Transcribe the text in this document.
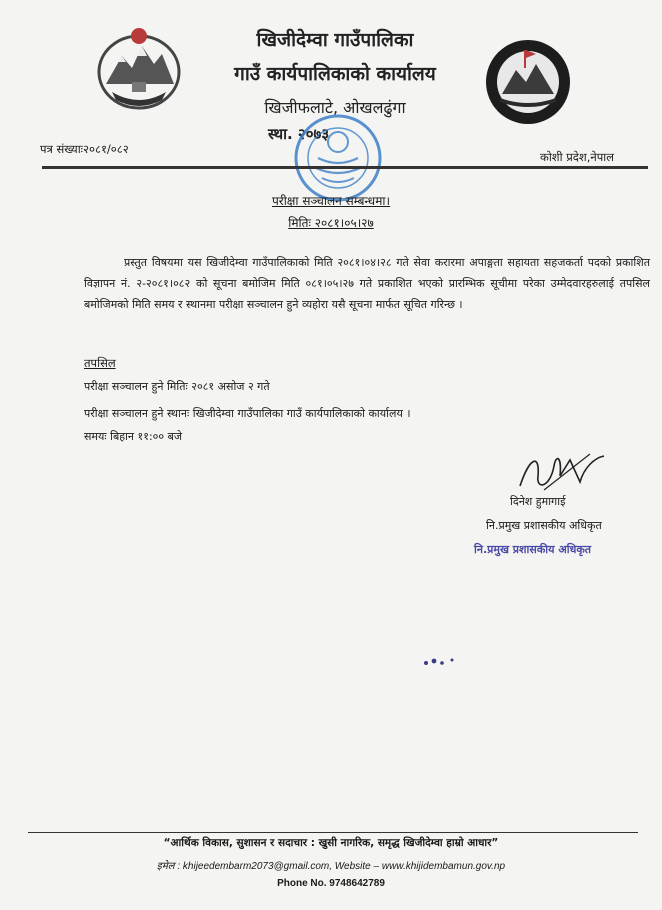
खिजीदेम्वा गाउँपालिका
गाउँ कार्यपालिकाको कार्यालय
खिजीफलाटे, ओखलढुंगा
स्था. २०७३
पत्र संख्याः२०८१/०८२
कोशी प्रदेश,नेपाल
परीक्षा सञ्चालन सम्बन्धमा।
मितिः २०८१।०५।२७

प्रस्तुत विषयमा यस खिजीदेम्वा गाउँपालिकाको मिति २०८१।०४।२८ गते सेवा करारमा अपाङ्गता सहायता सहजकर्ता पदको प्रकाशित विज्ञापन नं. २-२०८१।०८२ को सूचना बमोजिम मिति ०८१।०५।२७ गते प्रकाशित भएको प्रारम्भिक सूचीमा परेका उम्मेदवारहरुलाई तपसिल बमोजिमको मिति समय र स्थानमा परीक्षा सञ्चालन हुने व्यहोरा यसै सूचना मार्फत सूचित गरिन्छ ।

तपसिल
परीक्षा सञ्चालन हुने मितिः २०८१ असोज २ गते
परीक्षा सञ्चालन हुने स्थानः खिजीदेम्वा गाउँपालिका गाउँ कार्यपालिकाको कार्यालय ।
समयः बिहान ११:०० बजे
दिनेश हुमागाई
नि.प्रमुख प्रशासकीय अधिकृत
नि.प्रमुख प्रशासकीय अधिकृत
“आर्थिक विकास, सुशासन र सदाचार : खुसी नागरिक, समृद्ध खिजीदेम्वा हाम्रो आधार”
इमेल : khijeedembarm2073@gmail.com, Website – www.khijidembamun.gov.np
Phone No. 9748642789
